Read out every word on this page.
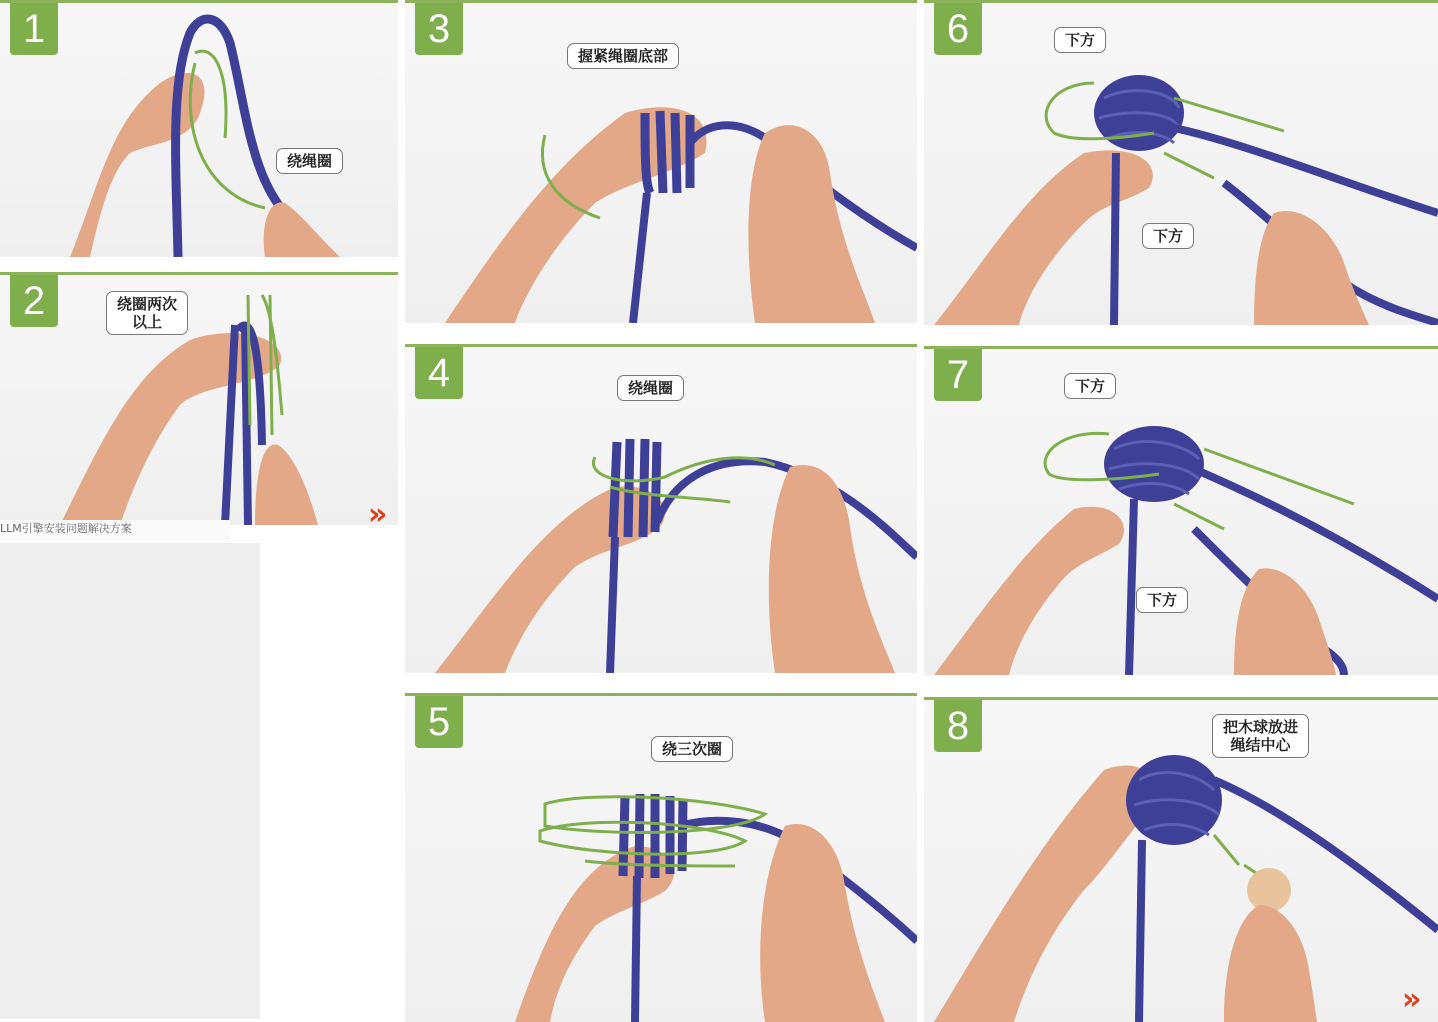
1
绕绳圈
2	绕圈两次
以上
»
LLM引擎安装问题解决方案
3
握紧绳圈底部
4	绕绳圈
5
绕三次圈
6	下方
下方
7	下方
下方
8	把木球放进
绳结中心
»
